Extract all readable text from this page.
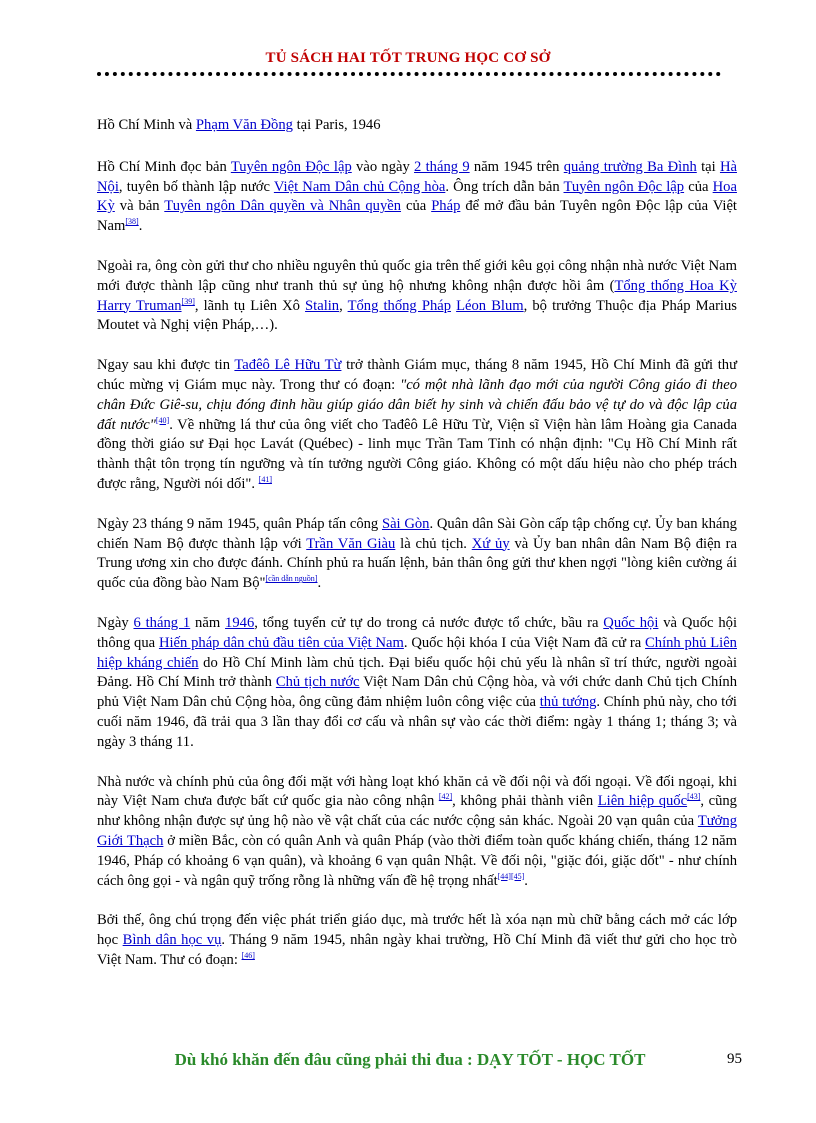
TỦ SÁCH HAI TỐT TRUNG HỌC CƠ SỞ

Hồ Chí Minh và Phạm Văn Đồng tại Paris, 1946

Hồ Chí Minh đọc bản Tuyên ngôn Độc lập vào ngày 2 tháng 9 năm 1945 trên quảng trường Ba Đình tại Hà Nội, tuyên bố thành lập nước Việt Nam Dân chủ Cộng hòa. Ông trích dẫn bản Tuyên ngôn Độc lập của Hoa Kỳ và bản Tuyên ngôn Dân quyền và Nhân quyền của Pháp để mở đầu bản Tuyên ngôn Độc lập của Việt Nam[38].

Ngoài ra, ông còn gửi thư cho nhiều nguyên thủ quốc gia trên thế giới kêu gọi công nhận nhà nước Việt Nam mới được thành lập cũng như tranh thủ sự ủng hộ nhưng không nhận được hồi âm (Tổng thống Hoa Kỳ Harry Truman[39], lãnh tụ Liên Xô Stalin, Tổng thống Pháp Léon Blum, bộ trưởng Thuộc địa Pháp Marius Moutet và Nghị viện Pháp,…).

Ngay sau khi được tin Tađêô Lê Hữu Từ trở thành Giám mục, tháng 8 năm 1945, Hồ Chí Minh đã gửi thư chúc mừng vị Giám mục này. Trong thư có đoạn: "có một nhà lãnh đạo mới của người Công giáo đi theo chân Đức Giê-su, chịu đóng đinh hầu giúp giáo dân biết hy sinh và chiến đấu bảo vệ tự do và độc lập của đất nước"[40]. Về những lá thư của ông viết cho Tađêô Lê Hữu Từ, Viện sĩ Viện hàn lâm Hoàng gia Canada đồng thời giáo sư Đại học Lavát (Québec) - linh mục Trần Tam Tỉnh có nhận định: "Cụ Hồ Chí Minh rất thành thật tôn trọng tín ngưỡng và tín tưởng người Công giáo. Không có một dấu hiệu nào cho phép trách được rằng, Người nói dối". [41]

Ngày 23 tháng 9 năm 1945, quân Pháp tấn công Sài Gòn. Quân dân Sài Gòn cấp tập chống cự. Ủy ban kháng chiến Nam Bộ được thành lập với Trần Văn Giàu là chủ tịch. Xứ ủy và Ủy ban nhân dân Nam Bộ điện ra Trung ương xin cho được đánh. Chính phủ ra huấn lệnh, bản thân ông gửi thư khen ngợi "lòng kiên cường ái quốc của đồng bào Nam Bộ"[cần dẫn nguồn].

Ngày 6 tháng 1 năm 1946, tổng tuyển cử tự do trong cả nước được tổ chức, bầu ra Quốc hội và Quốc hội thông qua Hiến pháp dân chủ đầu tiên của Việt Nam. Quốc hội khóa I của Việt Nam đã cử ra Chính phủ Liên hiệp kháng chiến do Hồ Chí Minh làm chủ tịch. Đại biểu quốc hội chủ yếu là nhân sĩ trí thức, người ngoài Đảng. Hồ Chí Minh trở thành Chủ tịch nước Việt Nam Dân chủ Cộng hòa, và với chức danh Chủ tịch Chính phủ Việt Nam Dân chủ Cộng hòa, ông cũng đảm nhiệm luôn công việc của thủ tướng. Chính phủ này, cho tới cuối năm 1946, đã trải qua 3 lần thay đổi cơ cấu và nhân sự vào các thời điểm: ngày 1 tháng 1; tháng 3; và ngày 3 tháng 11.

Nhà nước và chính phủ của ông đối mặt với hàng loạt khó khăn cả về đối nội và đối ngoại. Về đối ngoại, khi này Việt Nam chưa được bất cứ quốc gia nào công nhận [42], không phải thành viên Liên hiệp quốc[43], cũng như không nhận được sự ủng hộ nào về vật chất của các nước cộng sản khác. Ngoài 20 vạn quân của Tưởng Giới Thạch ở miền Bắc, còn có quân Anh và quân Pháp (vào thời điểm toàn quốc kháng chiến, tháng 12 năm 1946, Pháp có khoảng 6 vạn quân), và khoảng 6 vạn quân Nhật. Về đối nội, "giặc đói, giặc dốt" - như chính cách ông gọi - và ngân quỹ trống rỗng là những vấn đề hệ trọng nhất[44][45].

Bởi thế, ông chú trọng đến việc phát triển giáo dục, mà trước hết là xóa nạn mù chữ bằng cách mở các lớp học Bình dân học vụ. Tháng 9 năm 1945, nhân ngày khai trường, Hồ Chí Minh đã viết thư gửi cho học trò Việt Nam. Thư có đoạn: [46]

Dù khó khăn đến đâu cũng phải thi đua : DẠY TỐT - HỌC TỐT	95
